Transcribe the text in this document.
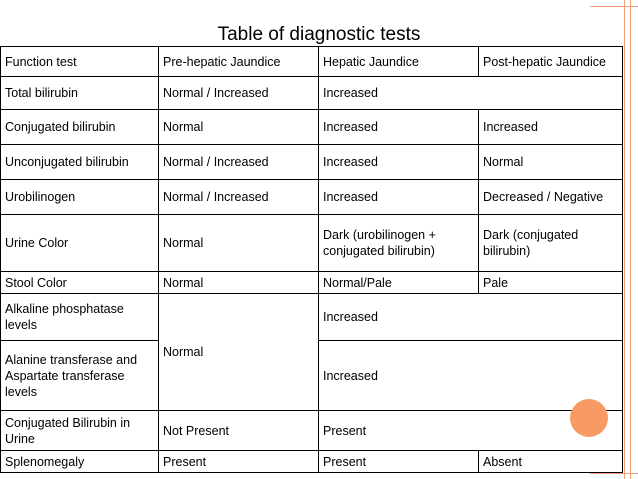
Table of diagnostic tests
Function test	Pre-hepatic Jaundice	Hepatic Jaundice	Post-hepatic Jaundice
Total bilirubin	Normal / Increased	Increased	
Conjugated bilirubin	Normal	Increased	Increased
Unconjugated bilirubin	Normal / Increased	Increased	Normal
Urobilinogen	Normal / Increased	Increased	Decreased / Negative
Urine Color	Normal	Dark (urobilinogen + conjugated bilirubin)	Dark (conjugated bilirubin)
Stool Color	Normal	Normal/Pale	Pale
Alkaline phosphatase levels	Normal	Increased	
Alanine transferase and Aspartate transferase levels		Increased	
Conjugated Bilirubin in Urine	Not Present	Present	
Splenomegaly	Present	Present	Absent
